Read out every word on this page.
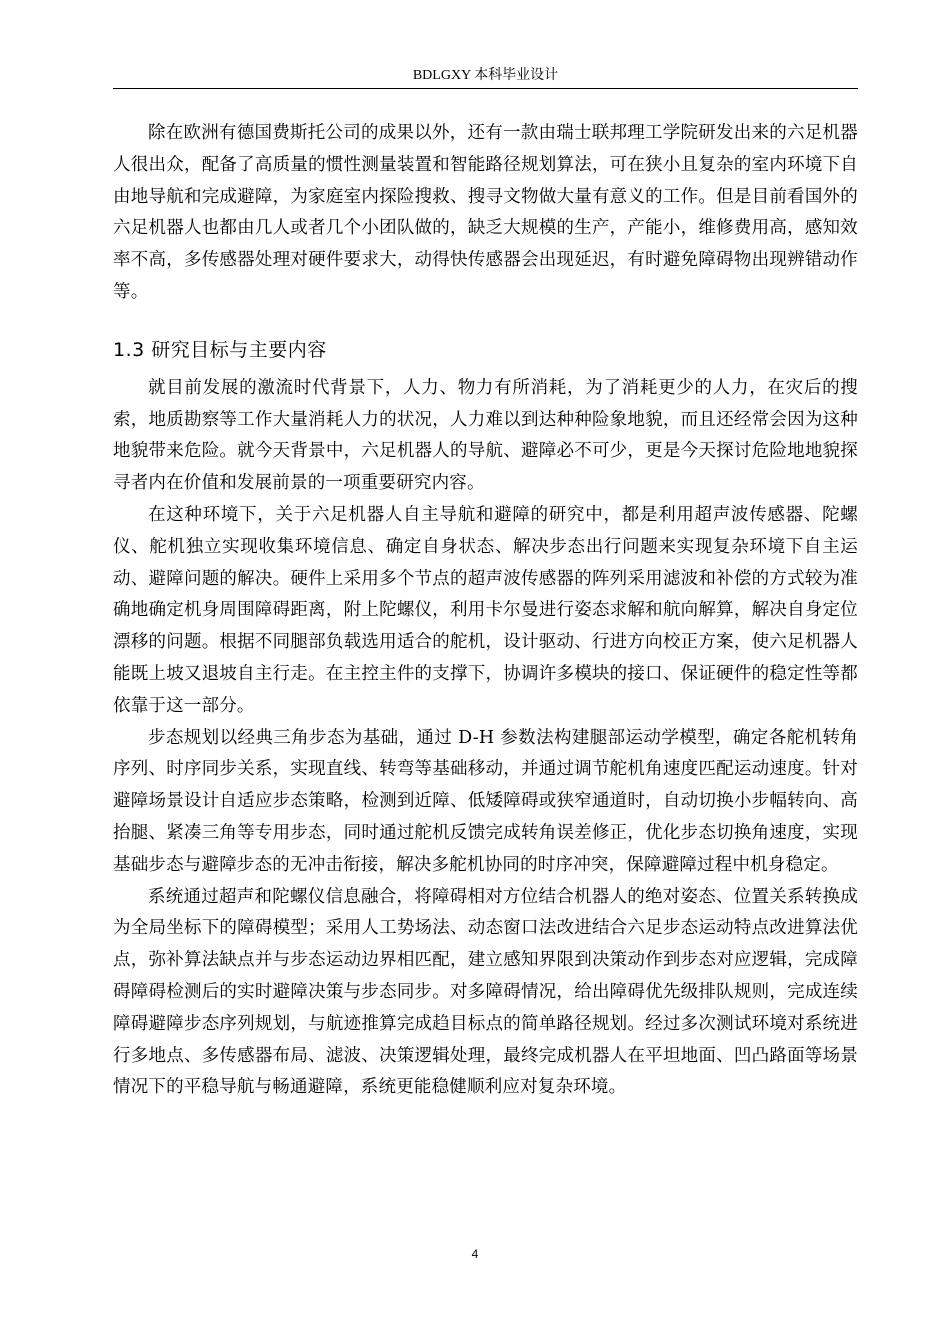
BDLGXY 本科毕业设计

除在欧洲有德国费斯托公司的成果以外，还有一款由瑞士联邦理工学院研发出来的六足机器人很出众，配备了高质量的惯性测量装置和智能路径规划算法，可在狭小且复杂的室内环境下自由地导航和完成避障，为家庭室内探险搜救、搜寻文物做大量有意义的工作。但是目前看国外的六足机器人也都由几人或者几个小团队做的，缺乏大规模的生产，产能小，维修费用高，感知效率不高，多传感器处理对硬件要求大，动得快传感器会出现延迟，有时避免障碍物出现辨错动作等。

1.3 研究目标与主要内容

就目前发展的激流时代背景下，人力、物力有所消耗，为了消耗更少的人力，在灾后的搜索，地质勘察等工作大量消耗人力的状况，人力难以到达种种险象地貌，而且还经常会因为这种地貌带来危险。就今天背景中，六足机器人的导航、避障必不可少，更是今天探讨危险地地貌探寻者内在价值和发展前景的一项重要研究内容。

在这种环境下，关于六足机器人自主导航和避障的研究中，都是利用超声波传感器、陀螺仪、舵机独立实现收集环境信息、确定自身状态、解决步态出行问题来实现复杂环境下自主运动、避障问题的解决。硬件上采用多个节点的超声波传感器的阵列采用滤波和补偿的方式较为准确地确定机身周围障碍距离，附上陀螺仪，利用卡尔曼进行姿态求解和航向解算，解决自身定位漂移的问题。根据不同腿部负载选用适合的舵机，设计驱动、行进方向校正方案，使六足机器人能既上坡又退坡自主行走。在主控主件的支撑下，协调许多模块的接口、保证硬件的稳定性等都依靠于这一部分。

步态规划以经典三角步态为基础，通过 D-H 参数法构建腿部运动学模型，确定各舵机转角序列、时序同步关系，实现直线、转弯等基础移动，并通过调节舵机角速度匹配运动速度。针对避障场景设计自适应步态策略，检测到近障、低矮障碍或狭窄通道时，自动切换小步幅转向、高抬腿、紧凑三角等专用步态，同时通过舵机反馈完成转角误差修正，优化步态切换角速度，实现基础步态与避障步态的无冲击衔接，解决多舵机协同的时序冲突，保障避障过程中机身稳定。

系统通过超声和陀螺仪信息融合，将障碍相对方位结合机器人的绝对姿态、位置关系转换成为全局坐标下的障碍模型；采用人工势场法、动态窗口法改进结合六足步态运动特点改进算法优点，弥补算法缺点并与步态运动边界相匹配，建立感知界限到决策动作到步态对应逻辑，完成障碍障碍检测后的实时避障决策与步态同步。对多障碍情况，给出障碍优先级排队规则，完成连续障碍避障步态序列规划，与航迹推算完成趋目标点的简单路径规划。经过多次测试环境对系统进行多地点、多传感器布局、滤波、决策逻辑处理，最终完成机器人在平坦地面、凹凸路面等场景情况下的平稳导航与畅通避障，系统更能稳健顺利应对复杂环境。

4
